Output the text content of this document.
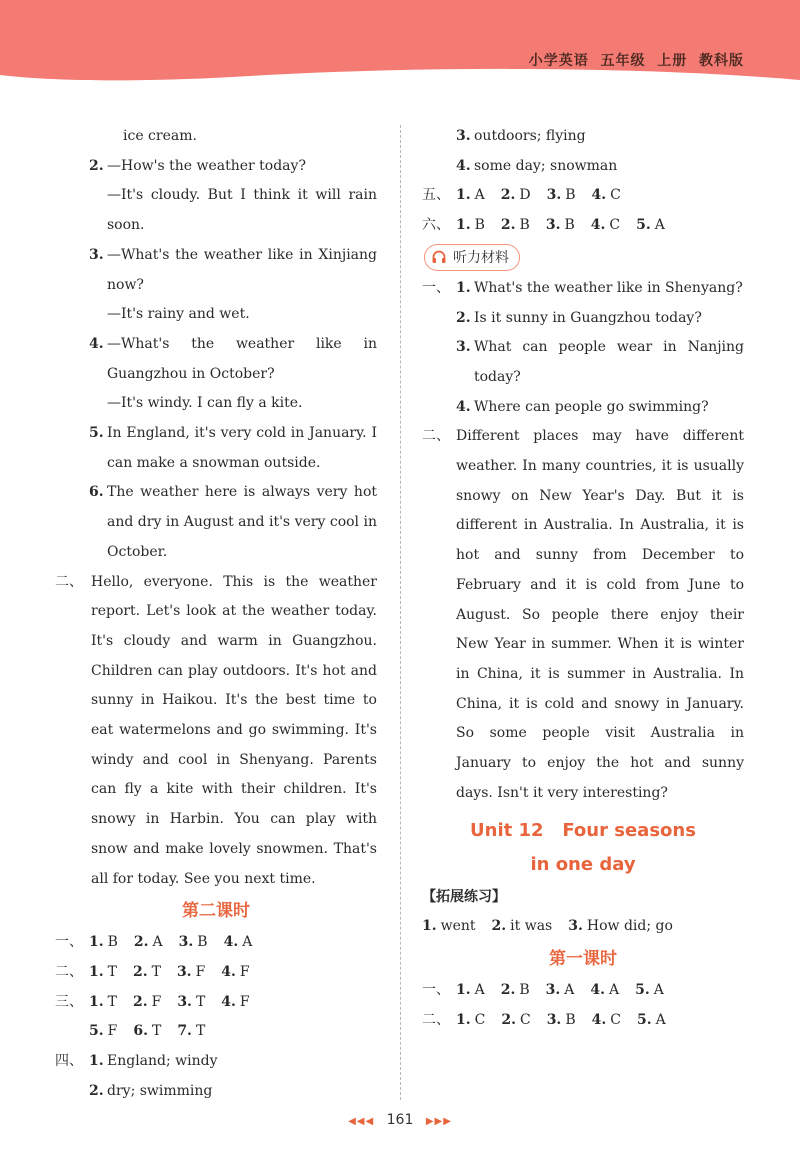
小学英语  五年级  上册  教科版
ice cream.
2. —How's the weather today?
—It's cloudy. But I think it will rain soon.
3. —What's the weather like in Xinjiang now?
—It's rainy and wet.
4. —What's the weather like in Guangzhou in October?
—It's windy. I can fly a kite.
5. In England, it's very cold in January. I can make a snowman outside.
6. The weather here is always very hot and dry in August and it's very cool in October.
二、 Hello, everyone. This is the weather report. Let's look at the weather today. It's cloudy and warm in Guangzhou. Children can play outdoors. It's hot and sunny in Haikou. It's the best time to eat watermelons and go swimming. It's windy and cool in Shenyang. Parents can fly a kite with their children. It's snowy in Harbin. You can play with snow and make lovely snowmen. That's all for today. See you next time.
第二课时
一、 1. B 2. A 3. B 4. A
二、 1. T 2. T 3. F 4. F
三、 1. T 2. F 3. T 4. F
5. F 6. T 7. T
四、 1. England; windy
2. dry; swimming
3. outdoors; flying
4. some day; snowman
五、 1. A 2. D 3. B 4. C
六、 1. B 2. B 3. B 4. C 5. A
听力材料
一、 1. What's the weather like in Shenyang?
2. Is it sunny in Guangzhou today?
3. What can people wear in Nanjing today?
4. Where can people go swimming?
二、 Different places may have different weather. In many countries, it is usually snowy on New Year's Day. But it is different in Australia. In Australia, it is hot and sunny from December to February and it is cold from June to August. So people there enjoy their New Year in summer. When it is winter in China, it is summer in Australia. In China, it is cold and snowy in January. So some people visit Australia in January to enjoy the hot and sunny days. Isn't it very interesting?
Unit 12   Four seasons
in one day
【拓展练习】
1. went 2. it was 3. How did; go
第一课时
一、 1. A 2. B 3. A 4. A 5. A
二、 1. C 2. C 3. B 4. C 5. A
◀◀◀ 161 ▶▶▶
